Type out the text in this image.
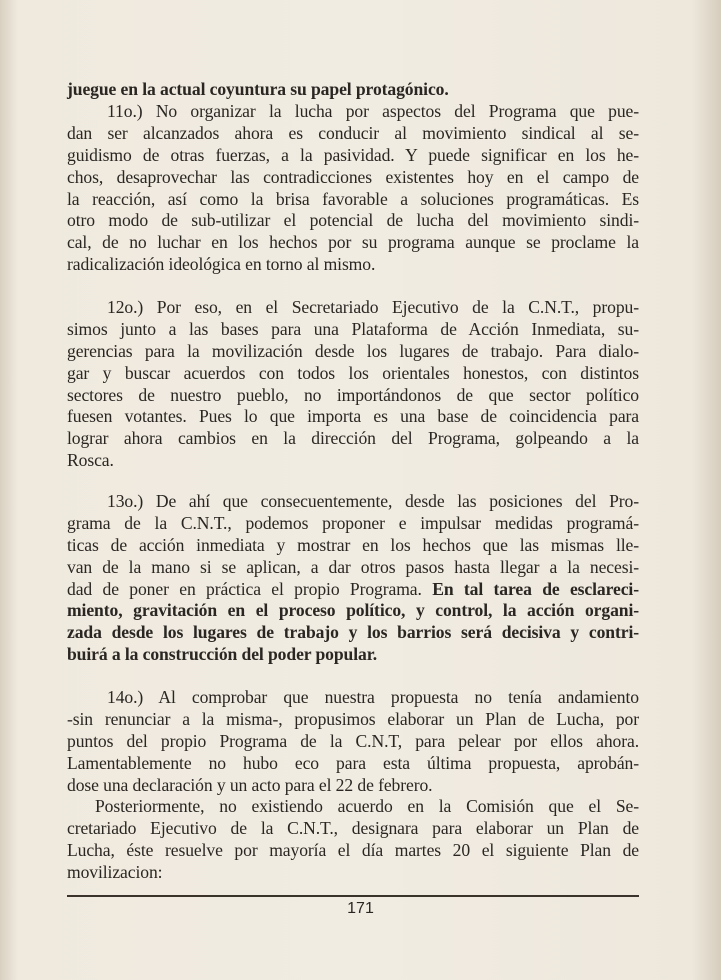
juegue en la actual coyuntura su papel protagónico.
11o.) No organizar la lucha por aspectos del Programa que pue-
dan ser alcanzados ahora es conducir al movimiento sindical al se-
guidismo de otras fuerzas, a la pasividad. Y puede significar en los he-
chos, desaprovechar las contradicciones existentes hoy en el campo de
la reacción, así como la brisa favorable a soluciones programáticas. Es
otro modo de sub-utilizar el potencial de lucha del movimiento sindi-
cal, de no luchar en los hechos por su programa aunque se proclame la
radicalización ideológica en torno al mismo.
12o.) Por eso, en el Secretariado Ejecutivo de la C.N.T., propu-
simos junto a las bases para una Plataforma de Acción Inmediata, su-
gerencias para la movilización desde los lugares de trabajo. Para dialo-
gar y buscar acuerdos con todos los orientales honestos, con distintos
sectores de nuestro pueblo, no importándonos de que sector político
fuesen votantes. Pues lo que importa es una base de coincidencia para
lograr ahora cambios en la dirección del Programa, golpeando a la
Rosca.
13o.) De ahí que consecuentemente, desde las posiciones del Pro-
grama de la C.N.T., podemos proponer e impulsar medidas programá-
ticas de acción inmediata y mostrar en los hechos que las mismas lle-
van de la mano si se aplican, a dar otros pasos hasta llegar a la necesi-
dad de poner en práctica el propio Programa. En tal tarea de esclareci-
miento, gravitación en el proceso político, y control, la acción organi-
zada desde los lugares de trabajo y los barrios será decisiva y contri-
buirá a la construcción del poder popular.
14o.) Al comprobar que nuestra propuesta no tenía andamiento
-sin renunciar a la misma-, propusimos elaborar un Plan de Lucha, por
puntos del propio Programa de la C.N.T, para pelear por ellos ahora.
Lamentablemente no hubo eco para esta última propuesta, aprobán-
dose una declaración y un acto para el 22 de febrero.
Posteriormente, no existiendo acuerdo en la Comisión que el Se-
cretariado Ejecutivo de la C.N.T., designara para elaborar un Plan de
Lucha, éste resuelve por mayoría el día martes 20 el siguiente Plan de
movilizacion:
171
